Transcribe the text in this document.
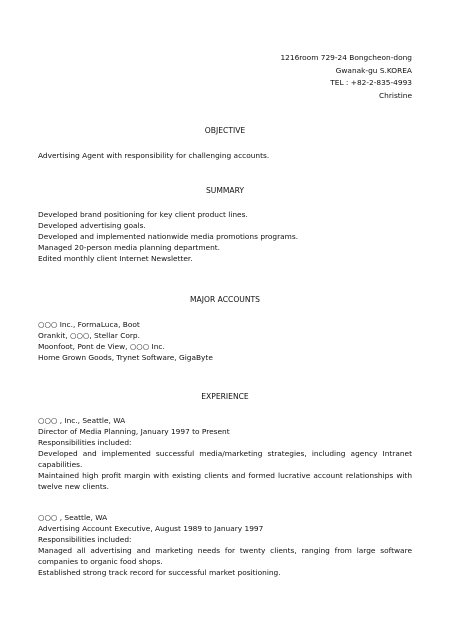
1216room 729-24 Bongcheon-dong
Gwanak-gu S.KOREA
TEL : +82-2-835-4993
Christine
OBJECTIVE
Advertising Agent with responsibility for challenging accounts.
SUMMARY
Developed brand positioning for key client product lines.
Developed advertising goals.
Developed and implemented nationwide media promotions programs.
Managed 20-person media planning department.
Edited monthly client Internet Newsletter.
MAJOR ACCOUNTS
○○○ Inc., FormaLuca, Boot
Orankit, ○○○, Stellar Corp.
Moonfoot, Pont de View, ○○○ Inc.
Home Grown Goods, Trynet Software, GigaByte
EXPERIENCE
○○○ , Inc., Seattle, WA
Director of Media Planning, January 1997 to Present
Responsibilities included:
Developed and implemented successful media/marketing strategies, including agency Intranet
capabilities.
Maintained high profit margin with existing clients and formed lucrative account relationships with
twelve new clients.
○○○ , Seattle, WA
Advertising Account Executive, August 1989 to January 1997
Responsibilities included:
Managed all advertising and marketing needs for twenty clients, ranging from large software
companies to organic food shops.
Established strong track record for successful market positioning.
